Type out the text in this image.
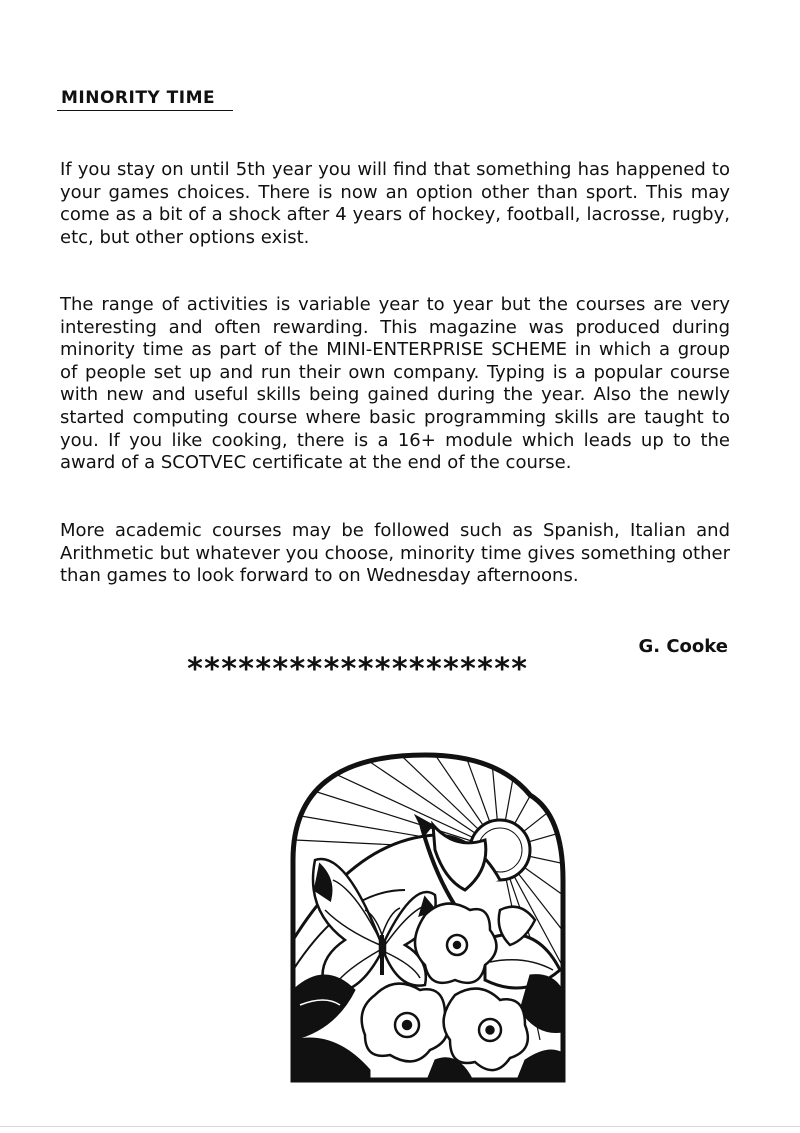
MINORITY TIME
If you stay on until 5th year you will find that something has happened to your games choices. There is now an option other than sport. This may come as a bit of a shock after 4 years of hockey, football, lacrosse, rugby, etc, but other options exist.
The range of activities is variable year to year but the courses are very interesting and often rewarding. This magazine was produced during minority time as part of the MINI-ENTERPRISE SCHEME in which a group of people set up and run their own company. Typing is a popular course with new and useful skills being gained during the year. Also the newly started computing course where basic programming skills are taught to you. If you like cooking, there is a 16+ module which leads up to the award of a SCOTVEC certificate at the end of the course.
More academic courses may be followed such as Spanish, Italian and Arithmetic but whatever you choose, minority time gives something other than games to look forward to on Wednesday afternoons.
G. Cooke
********************
